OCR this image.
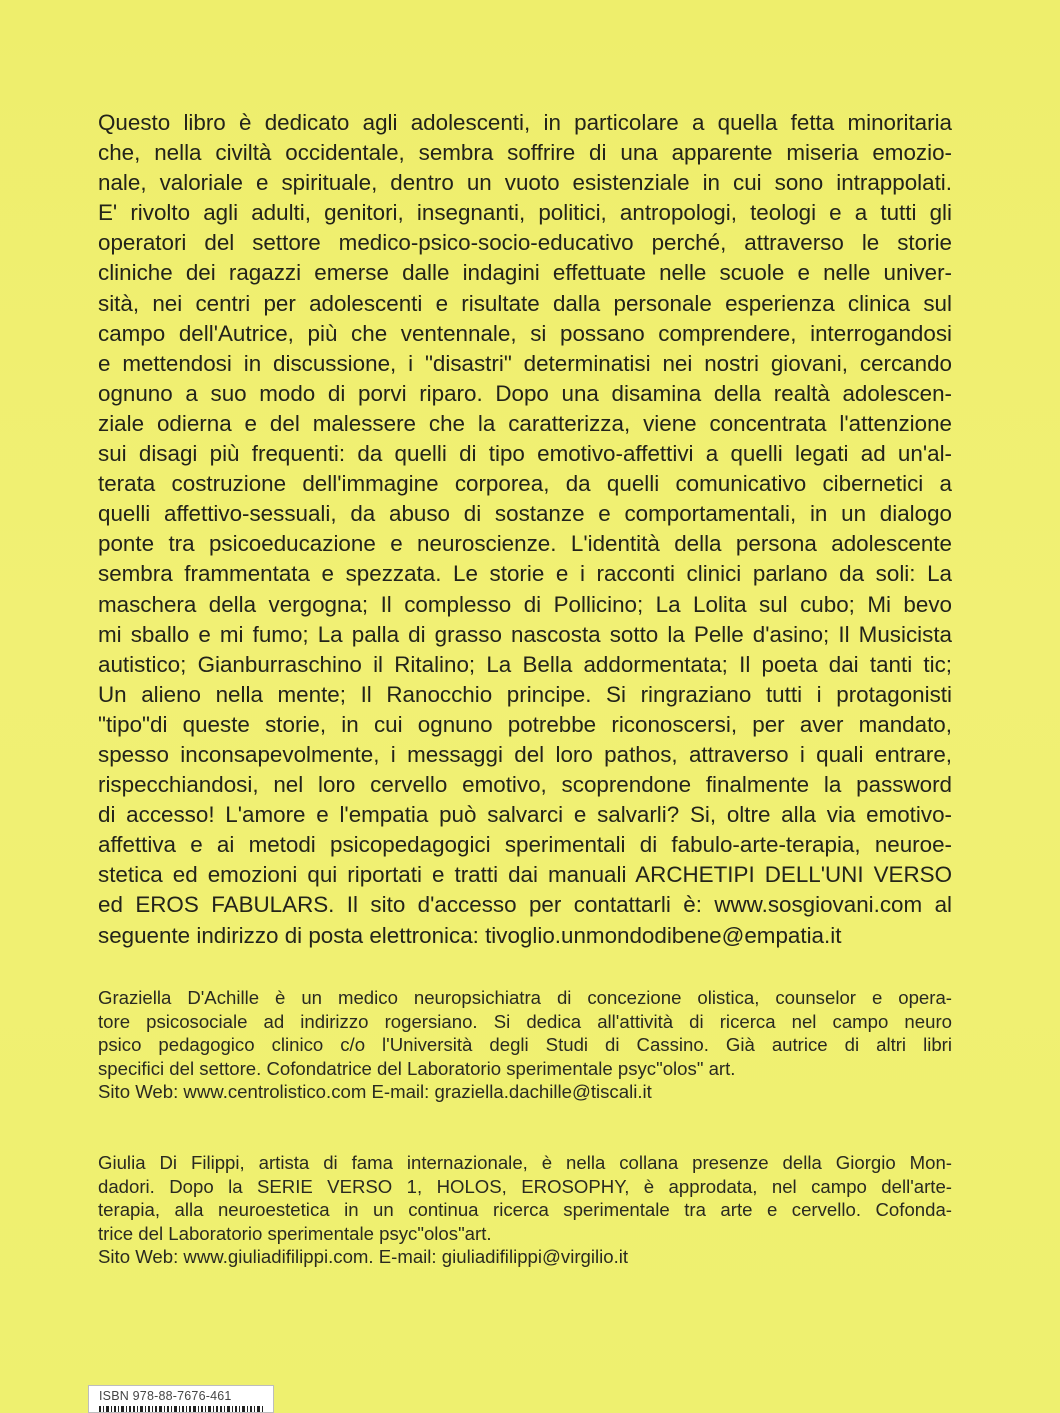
Questo libro è dedicato agli adolescenti, in particolare a quella fetta minoritaria
che, nella civiltà occidentale, sembra soffrire di una apparente miseria emozio-
nale, valoriale e spirituale, dentro un vuoto esistenziale in cui sono intrappolati.
E' rivolto agli adulti, genitori, insegnanti, politici, antropologi, teologi e a tutti gli
operatori del settore medico-psico-socio-educativo perché, attraverso le storie
cliniche dei ragazzi emerse dalle indagini effettuate nelle scuole e nelle univer-
sità, nei centri per adolescenti e risultate dalla personale esperienza clinica sul
campo dell'Autrice, più che ventennale, si possano comprendere, interrogandosi
e mettendosi in discussione, i "disastri" determinatisi nei nostri giovani, cercando
ognuno a suo modo di porvi riparo. Dopo una disamina della realtà adolescen-
ziale odierna e del malessere che la caratterizza, viene concentrata l'attenzione
sui disagi più frequenti: da quelli di tipo emotivo-affettivi a quelli legati ad un'al-
terata costruzione dell'immagine corporea, da quelli comunicativo cibernetici a
quelli affettivo-sessuali, da abuso di sostanze e comportamentali, in un dialogo
ponte tra psicoeducazione e neuroscienze. L'identità della persona adolescente
sembra frammentata e spezzata. Le storie e i racconti clinici parlano da soli: La
maschera della vergogna; Il complesso di Pollicino; La Lolita sul cubo; Mi bevo
mi sballo e mi fumo; La palla di grasso nascosta sotto la Pelle d'asino; Il Musicista
autistico; Gianburraschino il Ritalino; La Bella addormentata; Il poeta dai tanti tic;
Un alieno nella mente; Il Ranocchio principe. Si ringraziano tutti i protagonisti
"tipo"di queste storie, in cui ognuno potrebbe riconoscersi, per aver mandato,
spesso inconsapevolmente, i messaggi del loro pathos, attraverso i quali entrare,
rispecchiandosi, nel loro cervello emotivo, scoprendone finalmente la password
di accesso! L'amore e l'empatia può salvarci e salvarli? Si, oltre alla via emotivo-
affettiva e ai metodi psicopedagogici sperimentali di fabulo-arte-terapia, neuroe-
stetica ed emozioni qui riportati e tratti dai manuali ARCHETIPI DELL'UNI VERSO
ed EROS FABULARS. Il sito d'accesso per contattarli è: www.sosgiovani.com al
seguente indirizzo di posta elettronica: tivoglio.unmondodibene@empatia.it
Graziella D'Achille è un medico neuropsichiatra di concezione olistica, counselor e opera-
tore psicosociale ad indirizzo rogersiano. Si dedica all'attività di ricerca nel campo neuro
psico pedagogico clinico c/o l'Università degli Studi di Cassino. Già autrice di altri libri
specifici del settore. Cofondatrice del Laboratorio sperimentale psyc"olos" art.
Sito Web: www.centrolistico.com E-mail: graziella.dachille@tiscali.it
Giulia Di Filippi, artista di fama internazionale, è nella collana presenze della Giorgio Mon-
dadori. Dopo la SERIE VERSO 1, HOLOS, EROSOPHY, è approdata, nel campo dell'arte-
terapia, alla neuroestetica in un continua ricerca sperimentale tra arte e cervello. Cofonda-
trice del Laboratorio sperimentale psyc"olos"art.
Sito Web: www.giuliadifilippi.com. E-mail: giuliadifilippi@virgilio.it
ISBN 978-88-7676-461
